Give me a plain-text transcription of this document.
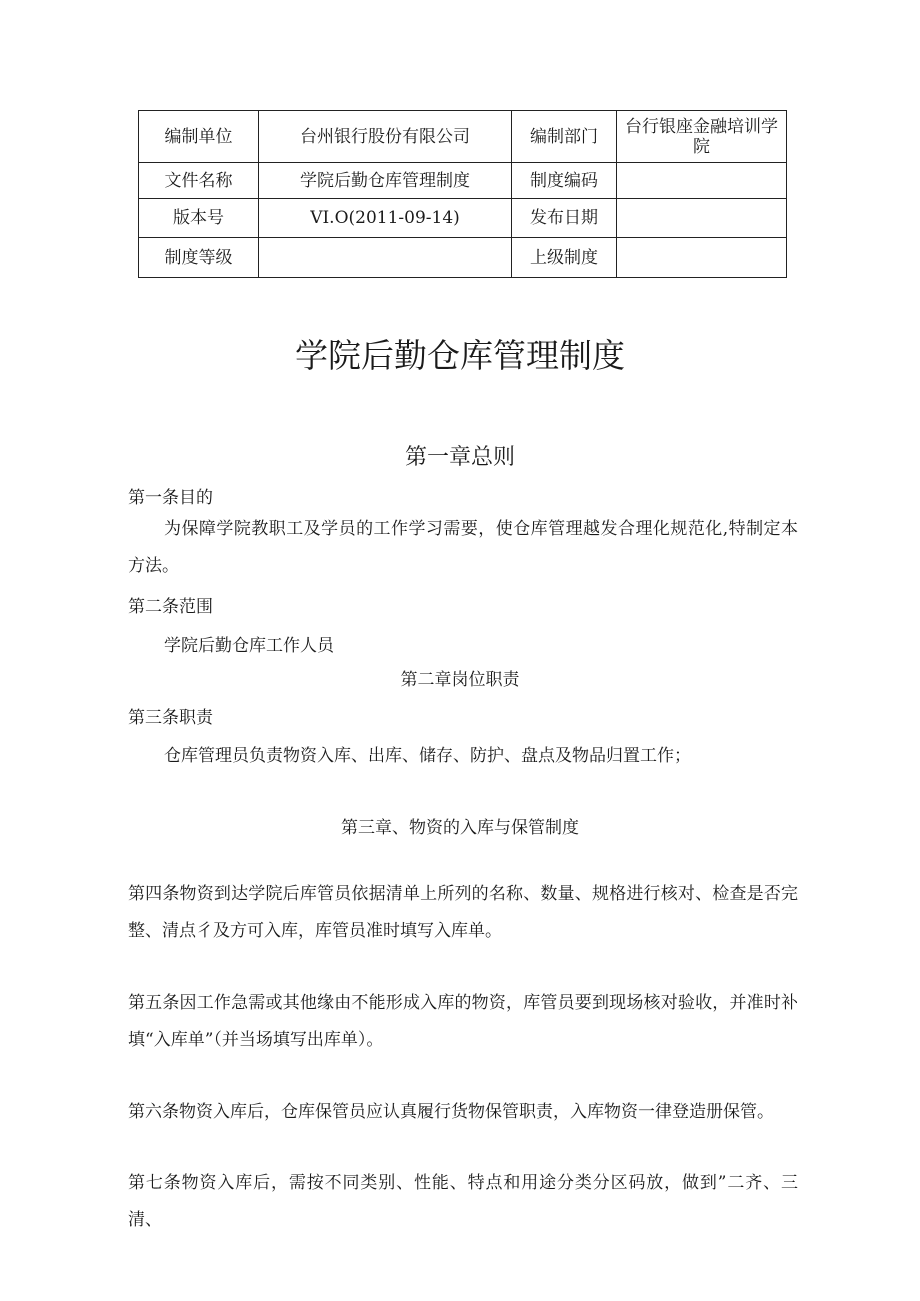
编制单位	台州银行股份有限公司	编制部门	台行银座金融培训学院
文件名称	学院后勤仓库管理制度	制度编码	
版本号	VI.O(2011-09-14)	发布日期	
制度等级		上级制度	
学院后勤仓库管理制度
第一章总则

第一条目的

为保障学院教职工及学员的工作学习需要，使仓库管理越发合理化规范化,特制定本方法。

第二条范围

学院后勤仓库工作人员

第二章岗位职责

第三条职责

仓库管理员负责物资入库、出库、储存、防护、盘点及物品归置工作；

第三章、物资的入库与保管制度

第四条物资到达学院后库管员依据清单上所列的名称、数量、规格进行核对、检查是否完整、清点彳及方可入库，库管员准时填写入库单。

第五条因工作急需或其他缘由不能形成入库的物资，库管员要到现场核对验收，并准时补填“入库单”（并当场填写出库单）。

第六条物资入库后，仓库保管员应认真履行货物保管职责，入库物资一律登造册保管。

第七条物资入库后，需按不同类别、性能、特点和用途分类分区码放，做到”二齐、三清、
